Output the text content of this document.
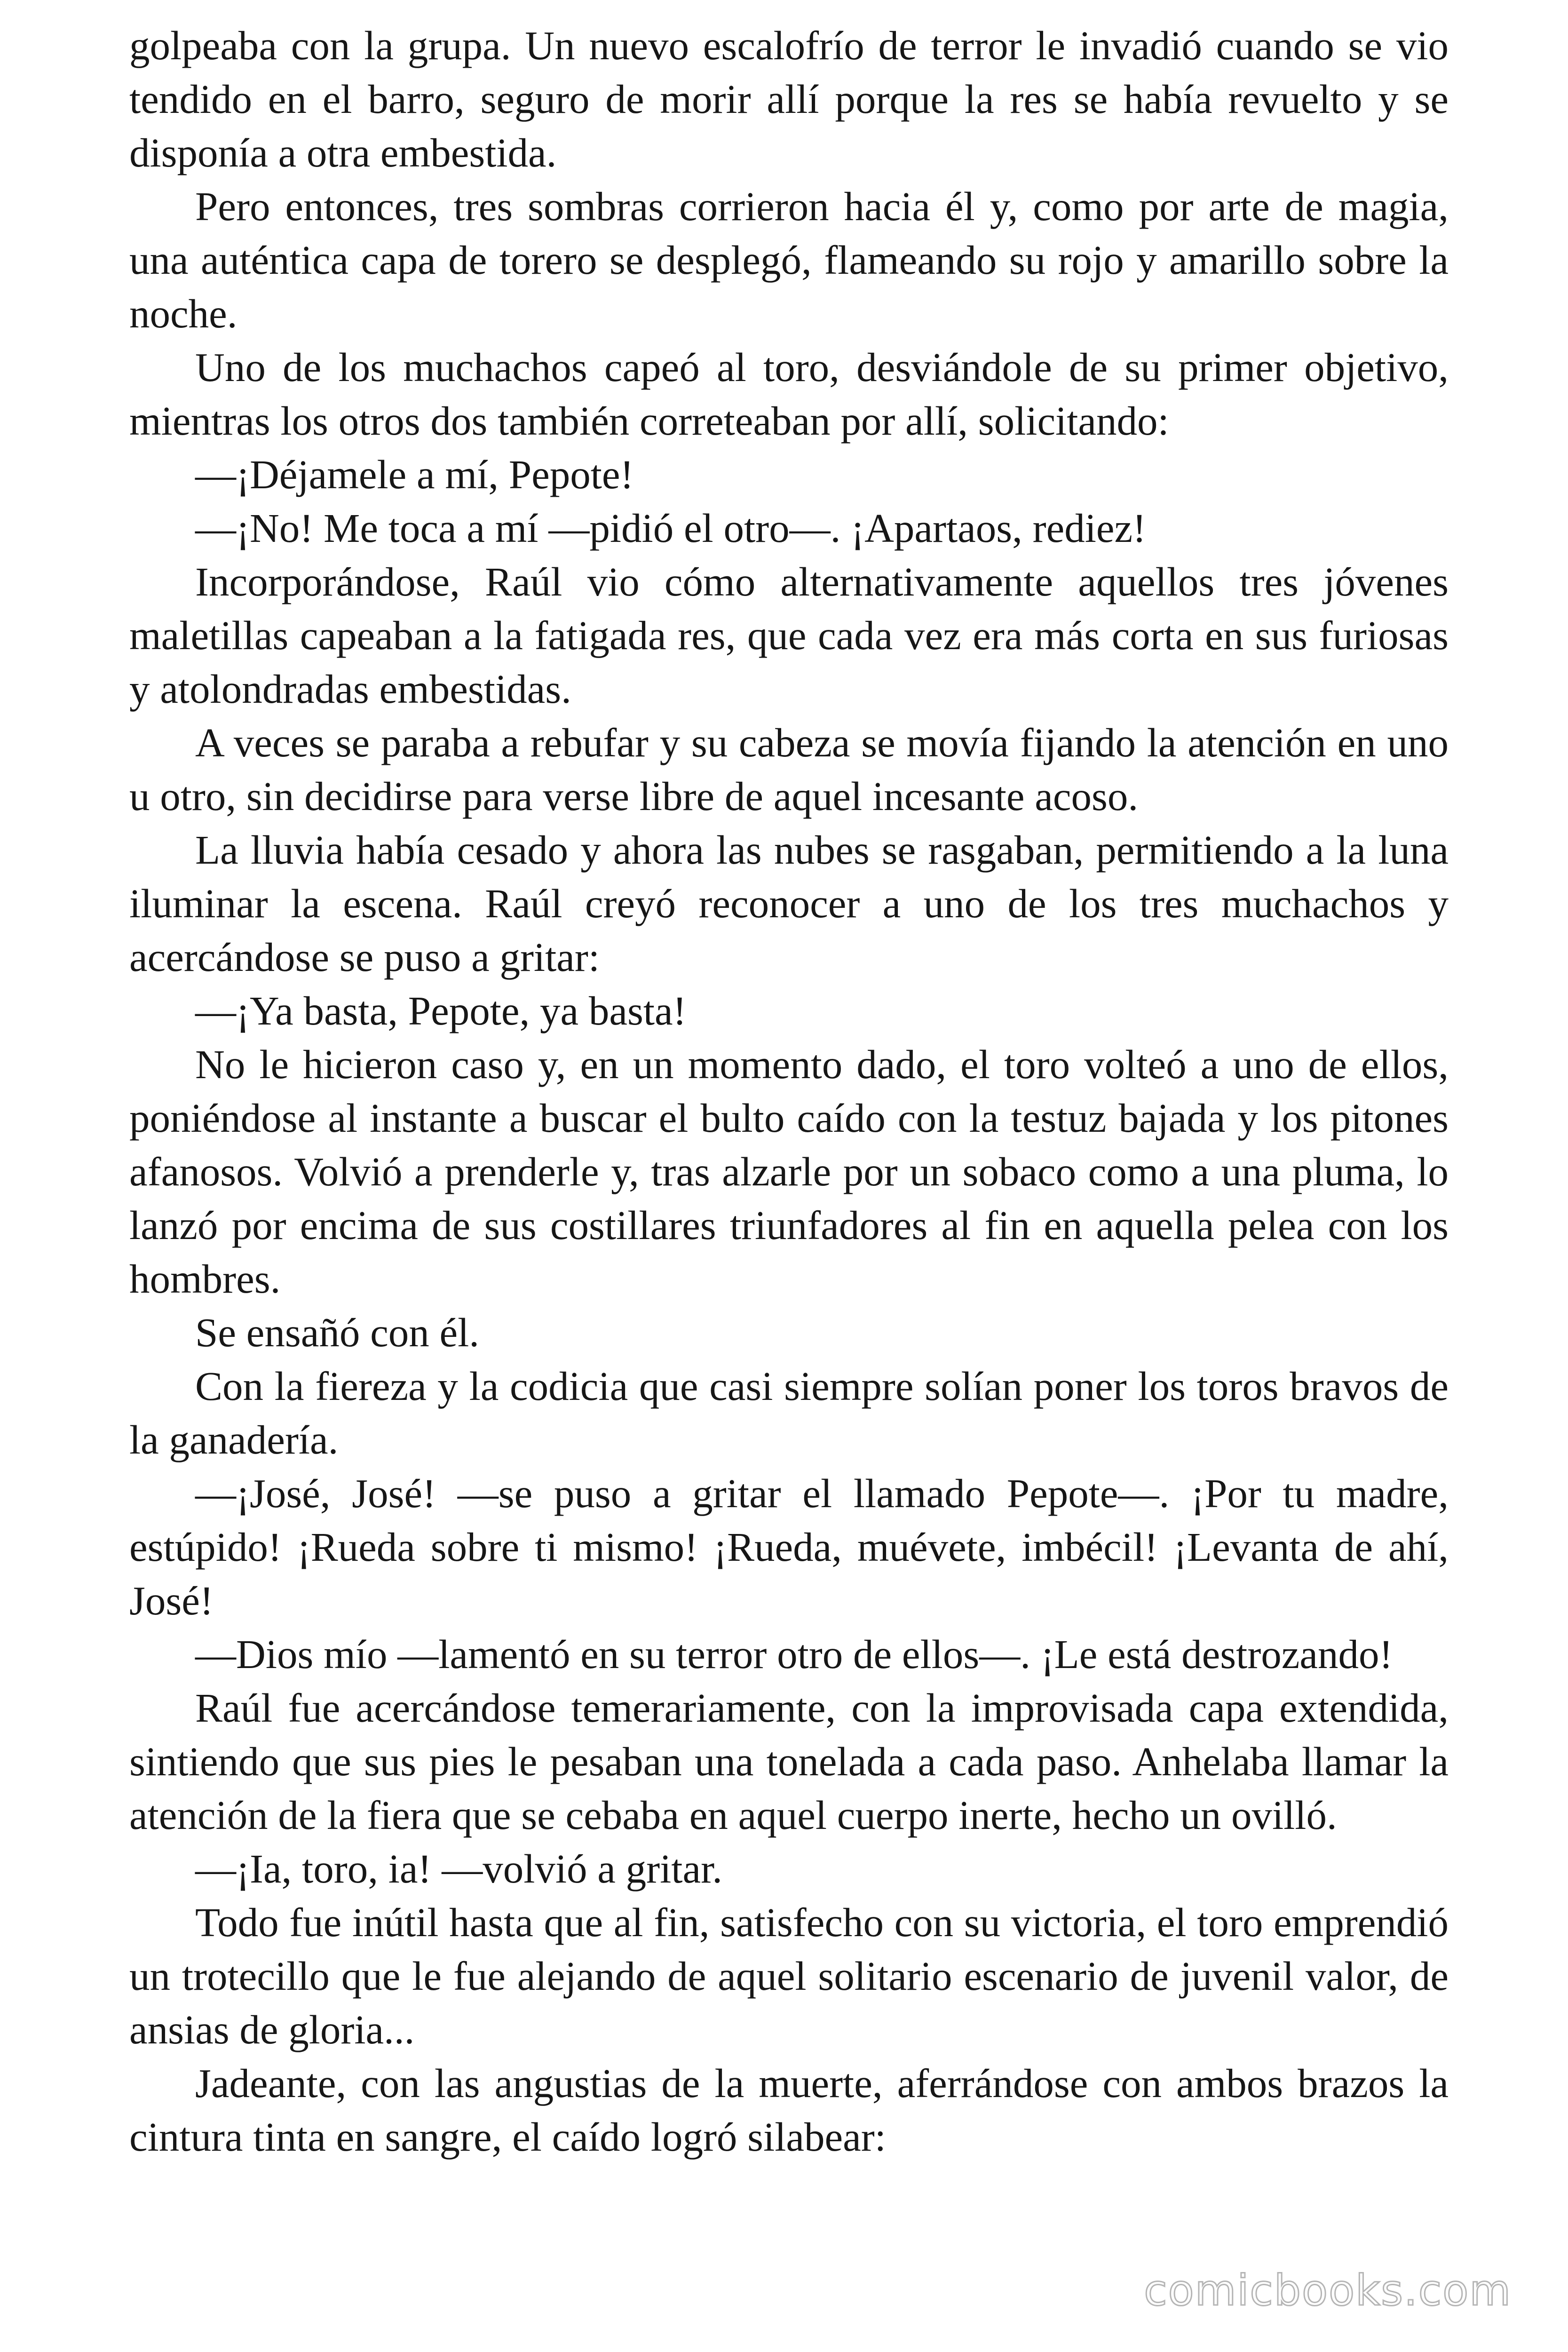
golpeaba con la grupa. Un nuevo escalofrío de terror le invadió cuando se vio tendido en el barro, seguro de morir allí porque la res se había revuelto y se disponía a otra embestida.

Pero entonces, tres sombras corrieron hacia él y, como por arte de magia, una auténtica capa de torero se desplegó, flameando su rojo y amarillo sobre la noche.

Uno de los muchachos capeó al toro, desviándole de su primer objetivo, mientras los otros dos también correteaban por allí, solicitando:

—¡Déjamele a mí, Pepote!

—¡No! Me toca a mí —pidió el otro—. ¡Apartaos, rediez!

Incorporándose, Raúl vio cómo alternativamente aquellos tres jóvenes maletillas capeaban a la fatigada res, que cada vez era más corta en sus furiosas y atolondradas embestidas.

A veces se paraba a rebufar y su cabeza se movía fijando la atención en uno u otro, sin decidirse para verse libre de aquel incesante acoso.

La lluvia había cesado y ahora las nubes se rasgaban, permitiendo a la luna iluminar la escena. Raúl creyó reconocer a uno de los tres muchachos y acercándose se puso a gritar:

—¡Ya basta, Pepote, ya basta!

No le hicieron caso y, en un momento dado, el toro volteó a uno de ellos, poniéndose al instante a buscar el bulto caído con la testuz bajada y los pitones afanosos. Volvió a prenderle y, tras alzarle por un sobaco como a una pluma, lo lanzó por encima de sus costillares triunfadores al fin en aquella pelea con los hombres.

Se ensañó con él.

Con la fiereza y la codicia que casi siempre solían poner los toros bravos de la ganadería.

—¡José, José! —se puso a gritar el llamado Pepote—. ¡Por tu madre, estúpido! ¡Rueda sobre ti mismo! ¡Rueda, muévete, imbécil! ¡Levanta de ahí, José!

—Dios mío —lamentó en su terror otro de ellos—. ¡Le está destrozando!

Raúl fue acercándose temerariamente, con la improvisada capa extendida, sintiendo que sus pies le pesaban una tonelada a cada paso. Anhelaba llamar la atención de la fiera que se cebaba en aquel cuerpo inerte, hecho un ovilló.

—¡Ia, toro, ia! —volvió a gritar.

Todo fue inútil hasta que al fin, satisfecho con su victoria, el toro emprendió un trotecillo que le fue alejando de aquel solitario escenario de juvenil valor, de ansias de gloria...

Jadeante, con las angustias de la muerte, aferrándose con ambos brazos la cintura tinta en sangre, el caído logró silabear:

comicbooks.com
